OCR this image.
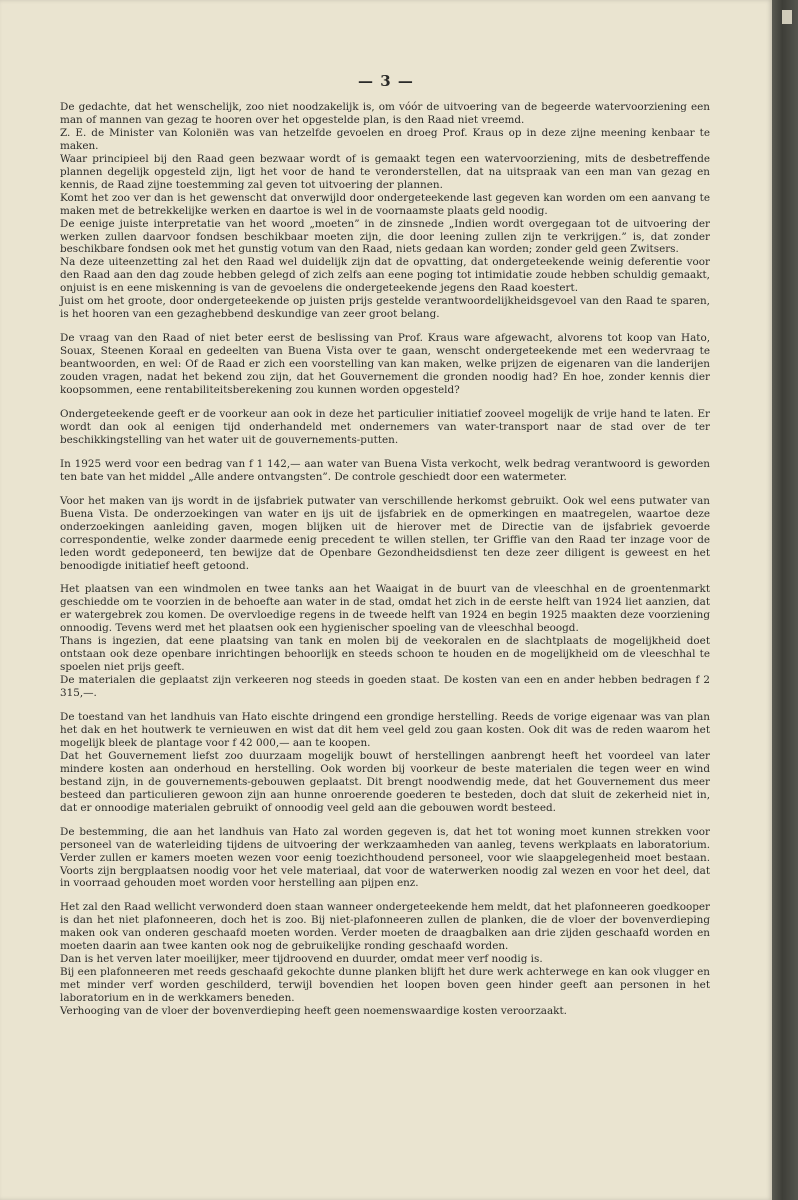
— 3 —

De gedachte, dat het wenschelijk, zoo niet noodzakelijk is, om vóór de uitvoering van de begeerde watervoorziening een man of mannen van gezag te hooren over het opgestelde plan, is den Raad niet vreemd.

Z. E. de Minister van Koloniën was van hetzelfde gevoelen en droeg Prof. Kraus op in deze zijne meening kenbaar te maken.

Waar principieel bij den Raad geen bezwaar wordt of is gemaakt tegen een watervoorziening, mits de desbetreffende plannen degelijk opgesteld zijn, ligt het voor de hand te veronderstellen, dat na uitspraak van een man van gezag en kennis, de Raad zijne toestemming zal geven tot uitvoering der plannen.

Komt het zoo ver dan is het gewenscht dat onverwijld door ondergeteekende last gegeven kan worden om een aanvang te maken met de betrekkelijke werken en daartoe is wel in de voornaamste plaats geld noodig.

De eenige juiste interpretatie van het woord „moeten” in de zinsnede „Indien wordt overgegaan tot de uitvoering der werken zullen daarvoor fondsen beschikbaar moeten zijn, die door leening zullen zijn te verkrijgen.” is, dat zonder beschikbare fondsen ook met het gunstig votum van den Raad, niets gedaan kan worden; zonder geld geen Zwitsers.

Na deze uiteenzetting zal het den Raad wel duidelijk zijn dat de opvatting, dat ondergeteekende weinig deferentie voor den Raad aan den dag zoude hebben gelegd of zich zelfs aan eene poging tot intimidatie zoude hebben schuldig gemaakt, onjuist is en eene miskenning is van de gevoelens die ondergeteekende jegens den Raad koestert.

Juist om het groote, door ondergeteekende op juisten prijs gestelde verantwoordelijkheidsgevoel van den Raad te sparen, is het hooren van een gezaghebbend deskundige van zeer groot belang.

De vraag van den Raad of niet beter eerst de beslissing van Prof. Kraus ware afgewacht, alvorens tot koop van Hato, Souax, Steenen Koraal en gedeelten van Buena Vista over te gaan, wenscht ondergeteekende met een wedervraag te beantwoorden, en wel: Of de Raad er zich een voorstelling van kan maken, welke prijzen de eigenaren van die landerijen zouden vragen, nadat het bekend zou zijn, dat het Gouvernement die gronden noodig had? En hoe, zonder kennis dier koopsommen, eene rentabiliteitsberekening zou kunnen worden opgesteld?

Ondergeteekende geeft er de voorkeur aan ook in deze het particulier initiatief zooveel mogelijk de vrije hand te laten. Er wordt dan ook al eenigen tijd onderhandeld met ondernemers van water-transport naar de stad over de ter beschikkingstelling van het water uit de gouvernements-putten.

In 1925 werd voor een bedrag van f 1 142,— aan water van Buena Vista verkocht, welk bedrag verantwoord is geworden ten bate van het middel „Alle andere ontvangsten”. De controle geschiedt door een watermeter.

Voor het maken van ijs wordt in de ijsfabriek putwater van verschillende herkomst gebruikt. Ook wel eens putwater van Buena Vista. De onderzoekingen van water en ijs uit de ijsfabriek en de opmerkingen en maatregelen, waartoe deze onderzoekingen aanleiding gaven, mogen blijken uit de hierover met de Directie van de ijsfabriek gevoerde correspondentie, welke zonder daarmede eenig precedent te willen stellen, ter Griffie van den Raad ter inzage voor de leden wordt gedeponeerd, ten bewijze dat de Openbare Gezondheidsdienst ten deze zeer diligent is geweest en het benoodigde initiatief heeft getoond.

Het plaatsen van een windmolen en twee tanks aan het Waaigat in de buurt van de vleeschhal en de groentenmarkt geschiedde om te voorzien in de behoefte aan water in de stad, omdat het zich in de eerste helft van 1924 liet aanzien, dat er watergebrek zou komen. De overvloedige regens in de tweede helft van 1924 en begin 1925 maakten deze voorziening onnoodig. Tevens werd met het plaatsen ook een hygienischer spoeling van de vleeschhal beoogd.

Thans is ingezien, dat eene plaatsing van tank en molen bij de veekoralen en de slachtplaats de mogelijkheid doet ontstaan ook deze openbare inrichtingen behoorlijk en steeds schoon te houden en de mogelijkheid om de vleeschhal te spoelen niet prijs geeft.

De materialen die geplaatst zijn verkeeren nog steeds in goeden staat. De kosten van een en ander hebben bedragen f 2 315,—.

De toestand van het landhuis van Hato eischte dringend een grondige herstelling. Reeds de vorige eigenaar was van plan het dak en het houtwerk te vernieuwen en wist dat dit hem veel geld zou gaan kosten. Ook dit was de reden waarom het mogelijk bleek de plantage voor f 42 000,— aan te koopen.

Dat het Gouvernement liefst zoo duurzaam mogelijk bouwt of herstellingen aanbrengt heeft het voordeel van later mindere kosten aan onderhoud en herstelling. Ook worden bij voorkeur de beste materialen die tegen weer en wind bestand zijn, in de gouvernements-gebouwen geplaatst. Dit brengt noodwendig mede, dat het Gouvernement dus meer besteed dan particulieren gewoon zijn aan hunne onroerende goederen te besteden, doch dat sluit de zekerheid niet in, dat er onnoodige materialen gebruikt of onnoodig veel geld aan die gebouwen wordt besteed.

De bestemming, die aan het landhuis van Hato zal worden gegeven is, dat het tot woning moet kunnen strekken voor personeel van de waterleiding tijdens de uitvoering der werkzaamheden van aanleg, tevens werkplaats en laboratorium. Verder zullen er kamers moeten wezen voor eenig toezichthoudend personeel, voor wie slaapgelegenheid moet bestaan. Voorts zijn bergplaatsen noodig voor het vele materiaal, dat voor de waterwerken noodig zal wezen en voor het deel, dat in voorraad gehouden moet worden voor herstelling aan pijpen enz.

Het zal den Raad wellicht verwonderd doen staan wanneer ondergeteekende hem meldt, dat het plafonneeren goedkooper is dan het niet plafonneeren, doch het is zoo. Bij niet-plafonneeren zullen de planken, die de vloer der bovenverdieping maken ook van onderen geschaafd moeten worden. Verder moeten de draagbalken aan drie zijden geschaafd worden en moeten daarin aan twee kanten ook nog de gebruikelijke ronding geschaafd worden.

Dan is het verven later moeilijker, meer tijdroovend en duurder, omdat meer verf noodig is.

Bij een plafonneeren met reeds geschaafd gekochte dunne planken blijft het dure werk achterwege en kan ook vlugger en met minder verf worden geschilderd, terwijl bovendien het loopen boven geen hinder geeft aan personen in het laboratorium en in de werkkamers beneden.

Verhooging van de vloer der bovenverdieping heeft geen noemenswaardige kosten veroorzaakt.
